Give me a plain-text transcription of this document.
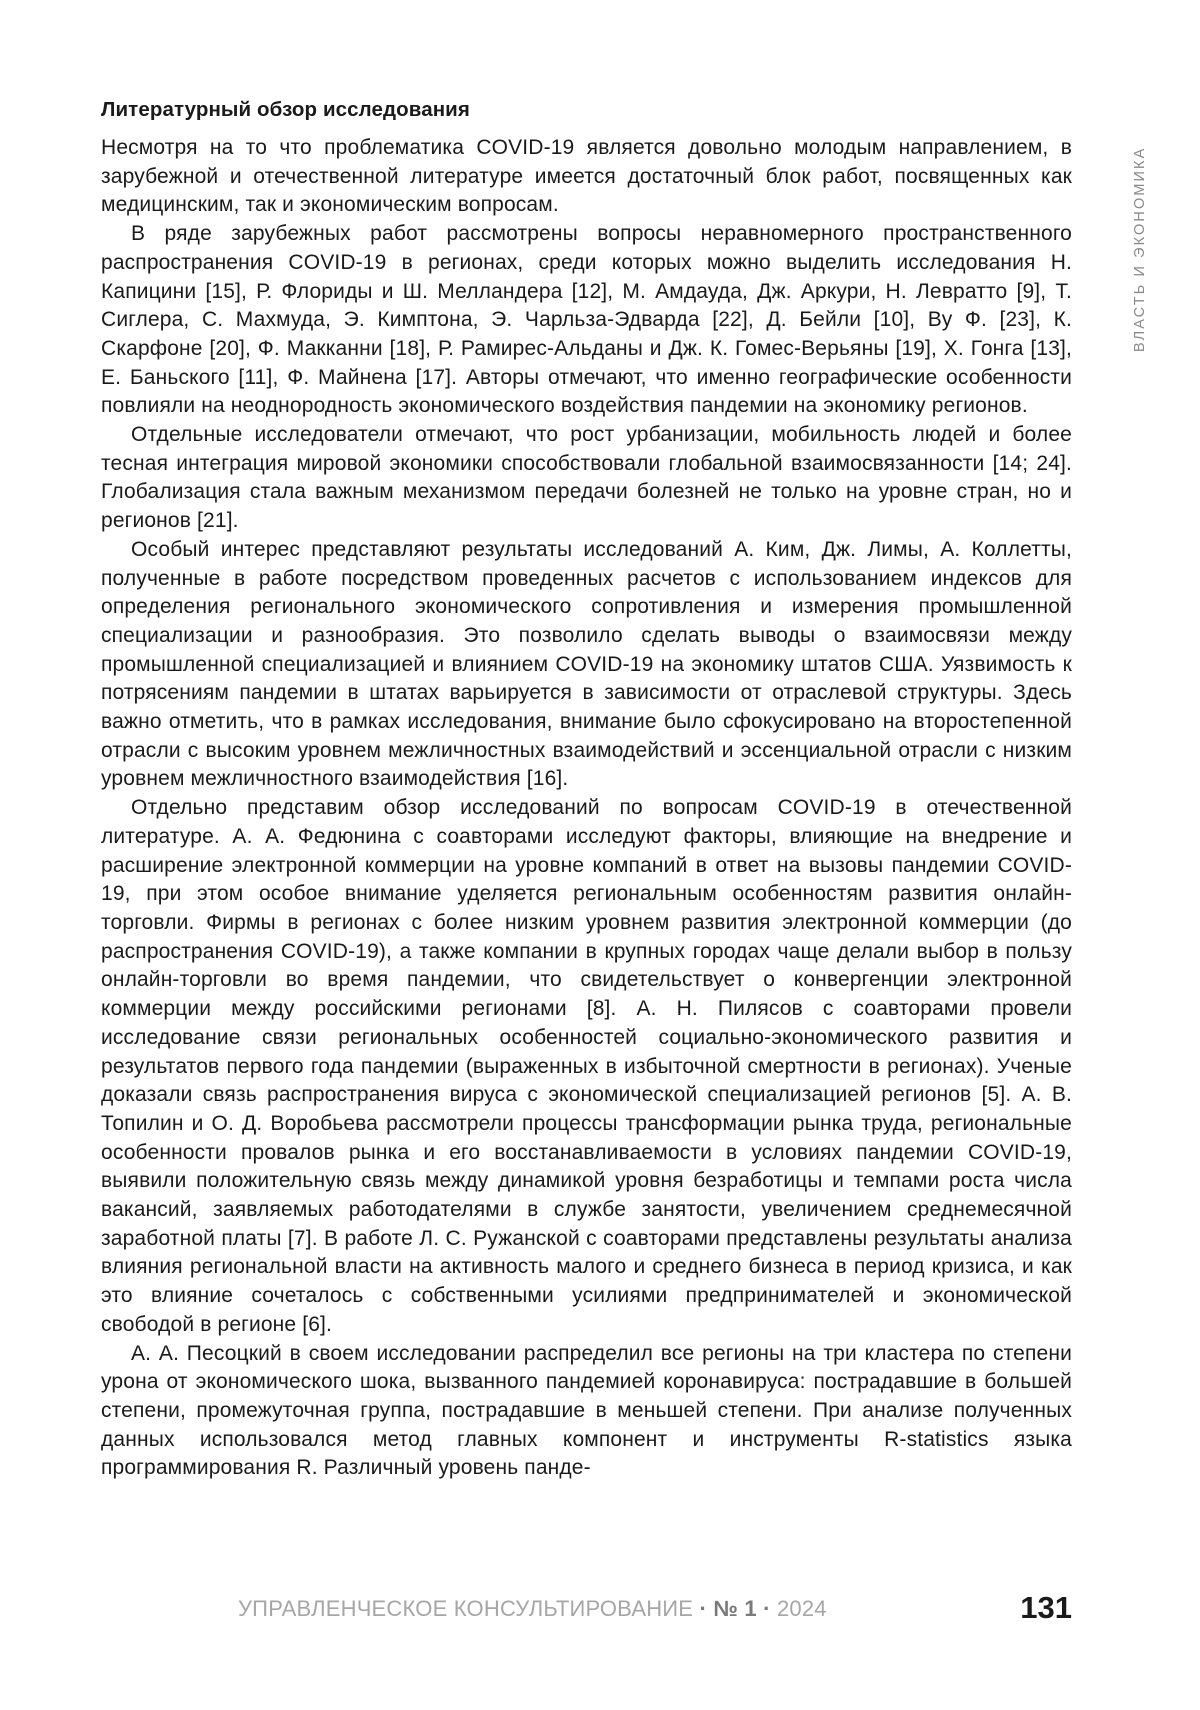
ВЛАСТЬ И ЭКОНОМИКА
Литературный обзор исследования

Несмотря на то что проблематика COVID-19 является довольно молодым направлением, в зарубежной и отечественной литературе имеется достаточный блок работ, посвященных как медицинским, так и экономическим вопросам.

В ряде зарубежных работ рассмотрены вопросы неравномерного пространственного распространения COVID-19 в регионах, среди которых можно выделить исследования Н. Капицини [15], Р. Флориды и Ш. Мелландера [12], М. Амдауда, Дж. Аркури, Н. Левратто [9], Т. Сиглера, С. Махмуда, Э. Кимптона, Э. Чарльза-Эдварда [22], Д. Бейли [10], Ву Ф. [23], К. Скарфоне [20], Ф. Макканни [18], Р. Рамирес-Альданы и Дж. К. Гомес-Верьяны [19], Х. Гонга [13], Е. Баньского [11], Ф. Майнена [17]. Авторы отмечают, что именно географические особенности повлияли на неоднородность экономического воздействия пандемии на экономику регионов.

Отдельные исследователи отмечают, что рост урбанизации, мобильность людей и более тесная интеграция мировой экономики способствовали глобальной взаимосвязанности [14; 24]. Глобализация стала важным механизмом передачи болезней не только на уровне стран, но и регионов [21].

Особый интерес представляют результаты исследований А. Ким, Дж. Лимы, А. Коллетты, полученные в работе посредством проведенных расчетов с использованием индексов для определения регионального экономического сопротивления и измерения промышленной специализации и разнообразия. Это позволило сделать выводы о взаимосвязи между промышленной специализацией и влиянием COVID-19 на экономику штатов США. Уязвимость к потрясениям пандемии в штатах варьируется в зависимости от отраслевой структуры. Здесь важно отметить, что в рамках исследования, внимание было сфокусировано на второстепенной отрасли с высоким уровнем межличностных взаимодействий и эссенциальной отрасли с низким уровнем межличностного взаимодействия [16].

Отдельно представим обзор исследований по вопросам COVID-19 в отечественной литературе. А. А. Федюнина с соавторами исследуют факторы, влияющие на внедрение и расширение электронной коммерции на уровне компаний в ответ на вызовы пандемии COVID-19, при этом особое внимание уделяется региональным особенностям развития онлайн-торговли. Фирмы в регионах с более низким уровнем развития электронной коммерции (до распространения COVID-19), а также компании в крупных городах чаще делали выбор в пользу онлайн-торговли во время пандемии, что свидетельствует о конвергенции электронной коммерции между российскими регионами [8]. А. Н. Пилясов с соавторами провели исследование связи региональных особенностей социально-экономического развития и результатов первого года пандемии (выраженных в избыточной смертности в регионах). Ученые доказали связь распространения вируса с экономической специализацией регионов [5]. А. В. Топилин и О. Д. Воробьева рассмотрели процессы трансформации рынка труда, региональные особенности провалов рынка и его восстанавливаемости в условиях пандемии COVID-19, выявили положительную связь между динамикой уровня безработицы и темпами роста числа вакансий, заявляемых работодателями в службе занятости, увеличением среднемесячной заработной платы [7]. В работе Л. С. Ружанской с соавторами представлены результаты анализа влияния региональной власти на активность малого и среднего бизнеса в период кризиса, и как это влияние сочеталось с собственными усилиями предпринимателей и экономической свободой в регионе [6].

А. А. Песоцкий в своем исследовании распределил все регионы на три кластера по степени урона от экономического шока, вызванного пандемией коронавируса: пострадавшие в большей степени, промежуточная группа, пострадавшие в меньшей степени. При анализе полученных данных использовался метод главных компонент и инструменты R-statistics языка программирования R. Различный уровень панде-

УПРАВЛЕНЧЕСКОЕ КОНСУЛЬТИРОВАНИЕ · № 1 · 2024	131
